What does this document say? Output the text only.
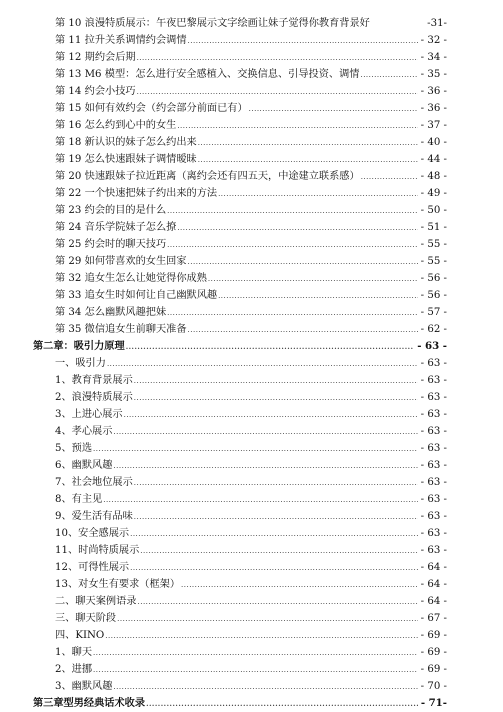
第 10 浪漫特质展示：午夜巴黎展示文字绘画让妹子觉得你教育背景好	-31-
第 11 拉升关系调情约会调情 .....	- 32 -
第 12 期约会后期 .....	- 34 -
第 13 M6 模型：怎么进行安全感植入、交换信息、引导投资、调情 .....	- 35 -
第 14 约会小技巧 .....	- 36 -
第 15 如何有效约会（约会部分前面已有） .....	- 36 -
第 16 怎么约到心中的女生 .....	- 37 -
第 18 新认识的妹子怎么约出来 .....	- 40 -
第 19 怎么快速跟妹子调情暧昧 .....	- 44 -
第 20 快速跟妹子拉近距离（离约会还有四五天，中途建立联系感） .....	- 48 -
第 22 一个快速把妹子约出来的方法 .....	- 49 -
第 23 约会的目的是什么 .....	- 50 -
第 24 音乐学院妹子怎么撩 .....	- 51 -
第 25 约会时的聊天技巧 .....	- 55 -
第 29 如何带喜欢的女生回家 .....	- 55 -
第 32 追女生怎么让她觉得你成熟 .....	- 56 -
第 33 追女生时如何让自己幽默风趣 .....	- 56 -
第 34 怎么幽默风趣把妹 .....	- 57 -
第 35 微信追女生前聊天准备 .....	- 62 -
第二章：吸引力原理 .....	- 63 -
一、吸引力 .....	- 63 -
1、教育背景展示 .....	- 63 -
2、浪漫特质展示 .....	- 63 -
3、上进心展示 .....	- 63 -
4、孝心展示 .....	- 63 -
5、预选 .....	- 63 -
6、幽默风趣 .....	- 63 -
7、社会地位展示 .....	- 63 -
8、有主见 .....	- 63 -
9、爱生活有品味 .....	- 63 -
10、安全感展示 .....	- 63 -
11、时尚特质展示 .....	- 63 -
12、可得性展示 .....	- 64 -
13、对女生有要求（框架） .....	- 64 -
二、聊天案例语录 .....	- 64 -
三、聊天阶段 .....	- 67 -
四、KINO .....	- 69 -
1、聊天 .....	- 69 -
2、进挪 .....	- 69 -
3、幽默风趣 .....	- 70 -
第三章型男经典话术收录 .....	- 71-
